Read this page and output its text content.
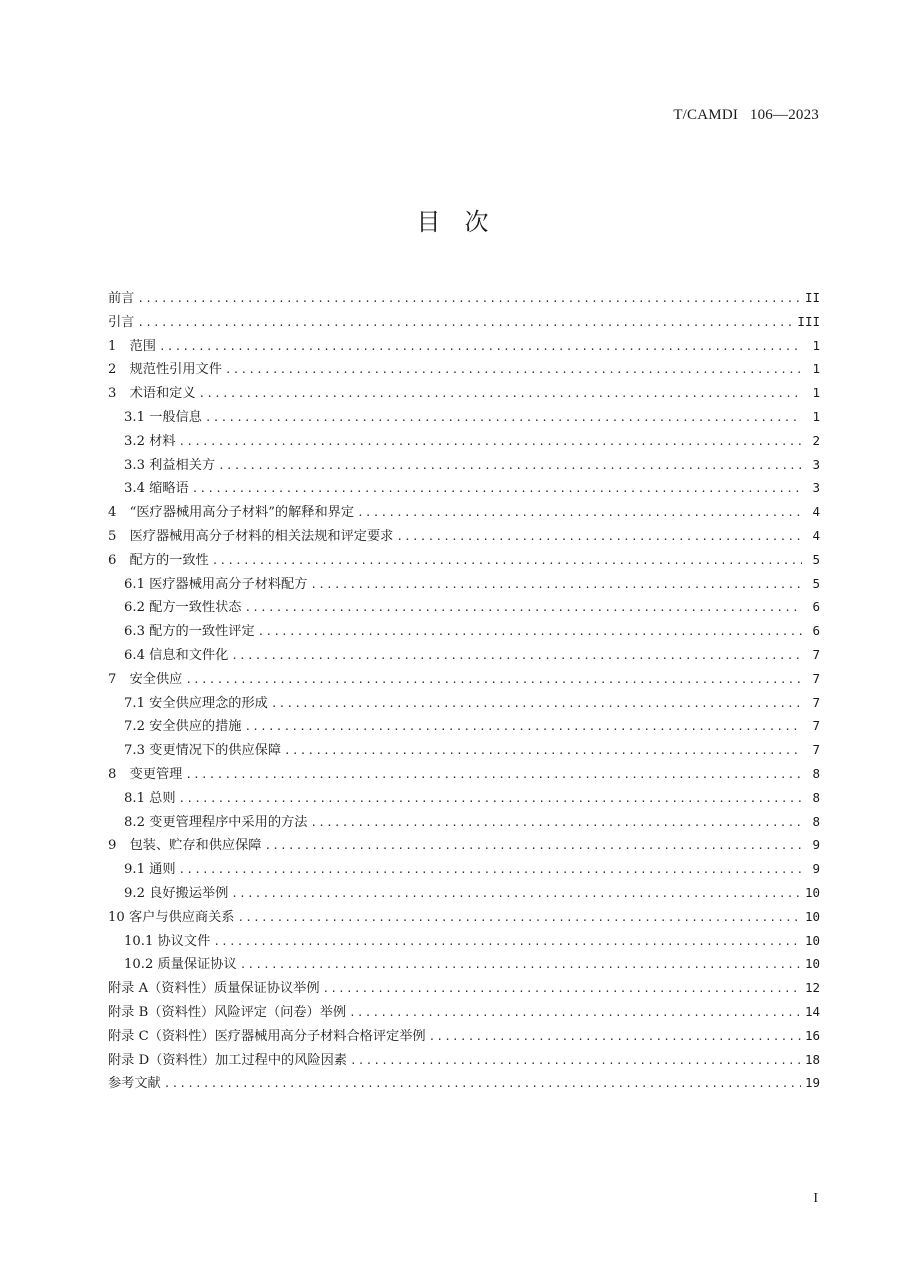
T/CAMDI   106—2023
目　次
前言 .....	II
引言 .....	III
1　范围 .....	1
2　规范性引用文件 .....	1
3　术语和定义 .....	1
3.1 一般信息 .....	1
3.2 材料 .....	2
3.3 利益相关方 .....	3
3.4 缩略语 .....	3
4　“医疗器械用高分子材料”的解释和界定 .....	4
5　医疗器械用高分子材料的相关法规和评定要求 .....	4
6　配方的一致性 .....	5
6.1 医疗器械用高分子材料配方 .....	5
6.2 配方一致性状态 .....	6
6.3 配方的一致性评定 .....	6
6.4 信息和文件化 .....	7
7　安全供应 .....	7
7.1 安全供应理念的形成 .....	7
7.2 安全供应的措施 .....	7
7.3 变更情况下的供应保障 .....	7
8　变更管理 .....	8
8.1 总则 .....	8
8.2 变更管理程序中采用的方法 .....	8
9　包装、贮存和供应保障 .....	9
9.1 通则 .....	9
9.2 良好搬运举例 .....	10
10 客户与供应商关系 .....	10
10.1 协议文件 .....	10
10.2 质量保证协议 .....	10
附录 A（资料性）质量保证协议举例 .....	12
附录 B（资料性）风险评定（问卷）举例 .....	14
附录 C（资料性）医疗器械用高分子材料合格评定举例 .....	16
附录 D（资料性）加工过程中的风险因素 .....	18
参考文献 .....	19
I
